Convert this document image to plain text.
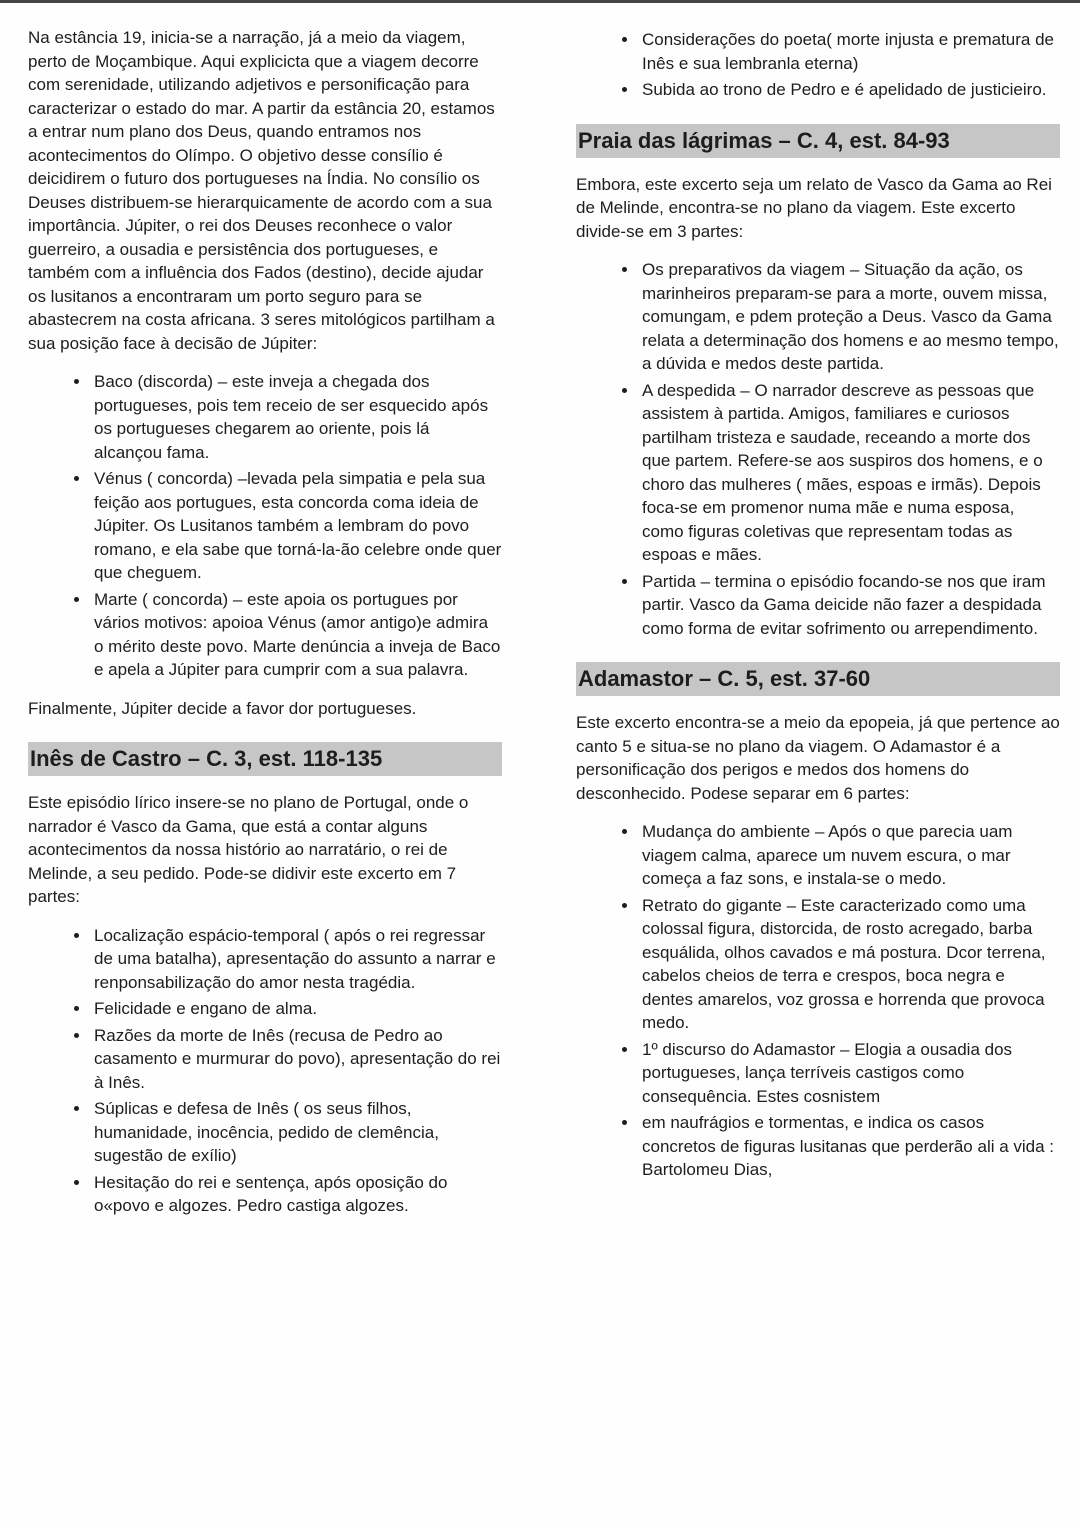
Na estância 19, inicia-se a narração, já a meio da viagem, perto de Moçambique. Aqui explicicta que a viagem decorre com serenidade, utilizando adjetivos e personificação para caracterizar o estado do mar. A partir da estância 20, estamos a entrar num plano dos Deus, quando entramos nos acontecimentos do Olímpo. O objetivo desse consílio é deicidirem o futuro dos portugueses na Índia. No consílio os Deuses distribuem-se hierarquicamente de acordo com a sua importância. Júpiter, o rei dos Deuses reconhece o valor guerreiro, a ousadia e persistência dos portugueses, e também com a influência dos Fados (destino), decide ajudar os lusitanos a encontraram um porto seguro para se abastecrem na costa africana. 3 seres mitológicos partilham a sua posição face à decisão de Júpiter:

• Baco (discorda) – este inveja a chegada dos portugueses, pois tem receio de ser esquecido após os portugueses chegarem ao oriente, pois lá alcançou fama.
• Vénus ( concorda) –levada pela simpatia e pela sua feição aos portugues, esta concorda coma ideia de Júpiter. Os Lusitanos também a lembram do povo romano, e ela sabe que torná-la-ão celebre onde quer que cheguem.
• Marte ( concorda) – este apoia os portugues por vários motivos: apoioa Vénus (amor antigo)e admira o mérito deste povo. Marte denúncia a inveja de Baco e apela a Júpiter para cumprir com a sua palavra.

Finalmente, Júpiter decide a favor dor portugueses.

Inês de Castro – C. 3, est. 118-135

Este episódio lírico insere-se no plano de Portugal, onde o narrador é Vasco da Gama, que está a contar alguns acontecimentos da nossa histório ao narratário, o rei de Melinde, a seu pedido. Pode-se didivir este excerto em 7 partes:

• Localização espácio-temporal ( após o rei regressar de uma batalha), apresentação do assunto a narrar e renponsabilização do amor nesta tragédia.
• Felicidade e engano de alma.
• Razões da morte de Inês (recusa de Pedro ao casamento e murmurar do povo), apresentação do rei à Inês.
• Súplicas e defesa de Inês ( os seus filhos, humanidade, inocência, pedido de clemência, sugestão de exílio)
• Hesitação do rei e sentença, após oposição do o«povo e algozes. Pedro castiga algozes.
• Considerações do poeta( morte injusta e prematura de Inês e sua lembranla eterna)
• Subida ao trono de Pedro e é apelidado de justicieiro.
Praia das lágrimas – C. 4, est. 84-93

Embora, este excerto seja um relato de Vasco da Gama ao Rei de Melinde, encontra-se no plano da viagem. Este excerto divide-se em 3 partes:

• Os preparativos da viagem – Situação da ação, os marinheiros preparam-se para a morte, ouvem missa, comungam, e pdem proteção a Deus. Vasco da Gama relata a determinação dos homens e ao mesmo tempo, a dúvida e medos deste partida.
• A despedida – O narrador descreve as pessoas que assistem à partida. Amigos, familiares e curiosos partilham tristeza e saudade, receando a morte dos que partem. Refere-se aos suspiros dos homens, e o choro das mulheres ( mães, espoas e irmãs). Depois foca-se em promenor numa mãe e numa esposa, como figuras coletivas que representam todas as espoas e mães.
• Partida – termina o episódio focando-se nos que iram partir. Vasco da Gama deicide não fazer a despidada como forma de evitar sofrimento ou arrependimento.
Adamastor – C. 5, est. 37-60

Este excerto encontra-se a meio da epopeia, já que pertence ao canto 5 e situa-se no plano da viagem. O Adamastor é a personificação dos perigos e medos dos homens do desconhecido. Podese separar em 6 partes:

• Mudança do ambiente – Após o que parecia uam viagem calma, aparece um nuvem escura, o mar começa a faz sons, e instala-se o medo.
• Retrato do gigante – Este caracterizado como uma colossal figura, distorcida, de rosto acregado, barba esquálida, olhos cavados e má postura. Dcor terrena, cabelos cheios de terra e crespos, boca negra e dentes amarelos, voz grossa e horrenda que provoca medo.
• 1º discurso do Adamastor – Elogia a ousadia dos portugueses, lança terríveis castigos como consequência. Estes cosnistem
• em naufrágios e tormentas, e indica os casos concretos de figuras lusitanas que perderão ali a vida : Bartolomeu Dias,
